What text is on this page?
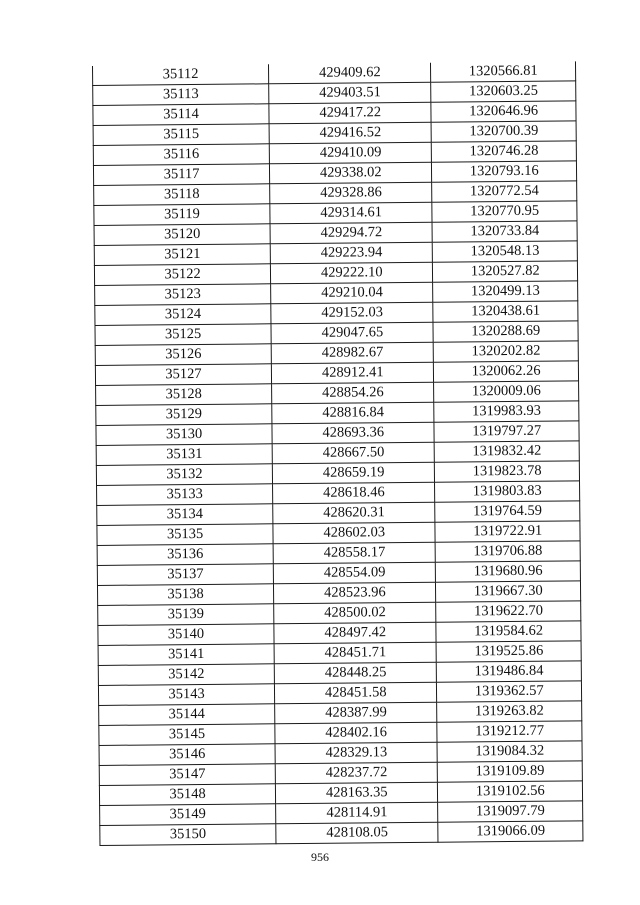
35112	429409.62	1320566.81
35113	429403.51	1320603.25
35114	429417.22	1320646.96
35115	429416.52	1320700.39
35116	429410.09	1320746.28
35117	429338.02	1320793.16
35118	429328.86	1320772.54
35119	429314.61	1320770.95
35120	429294.72	1320733.84
35121	429223.94	1320548.13
35122	429222.10	1320527.82
35123	429210.04	1320499.13
35124	429152.03	1320438.61
35125	429047.65	1320288.69
35126	428982.67	1320202.82
35127	428912.41	1320062.26
35128	428854.26	1320009.06
35129	428816.84	1319983.93
35130	428693.36	1319797.27
35131	428667.50	1319832.42
35132	428659.19	1319823.78
35133	428618.46	1319803.83
35134	428620.31	1319764.59
35135	428602.03	1319722.91
35136	428558.17	1319706.88
35137	428554.09	1319680.96
35138	428523.96	1319667.30
35139	428500.02	1319622.70
35140	428497.42	1319584.62
35141	428451.71	1319525.86
35142	428448.25	1319486.84
35143	428451.58	1319362.57
35144	428387.99	1319263.82
35145	428402.16	1319212.77
35146	428329.13	1319084.32
35147	428237.72	1319109.89
35148	428163.35	1319102.56
35149	428114.91	1319097.79
35150	428108.05	1319066.09
956
